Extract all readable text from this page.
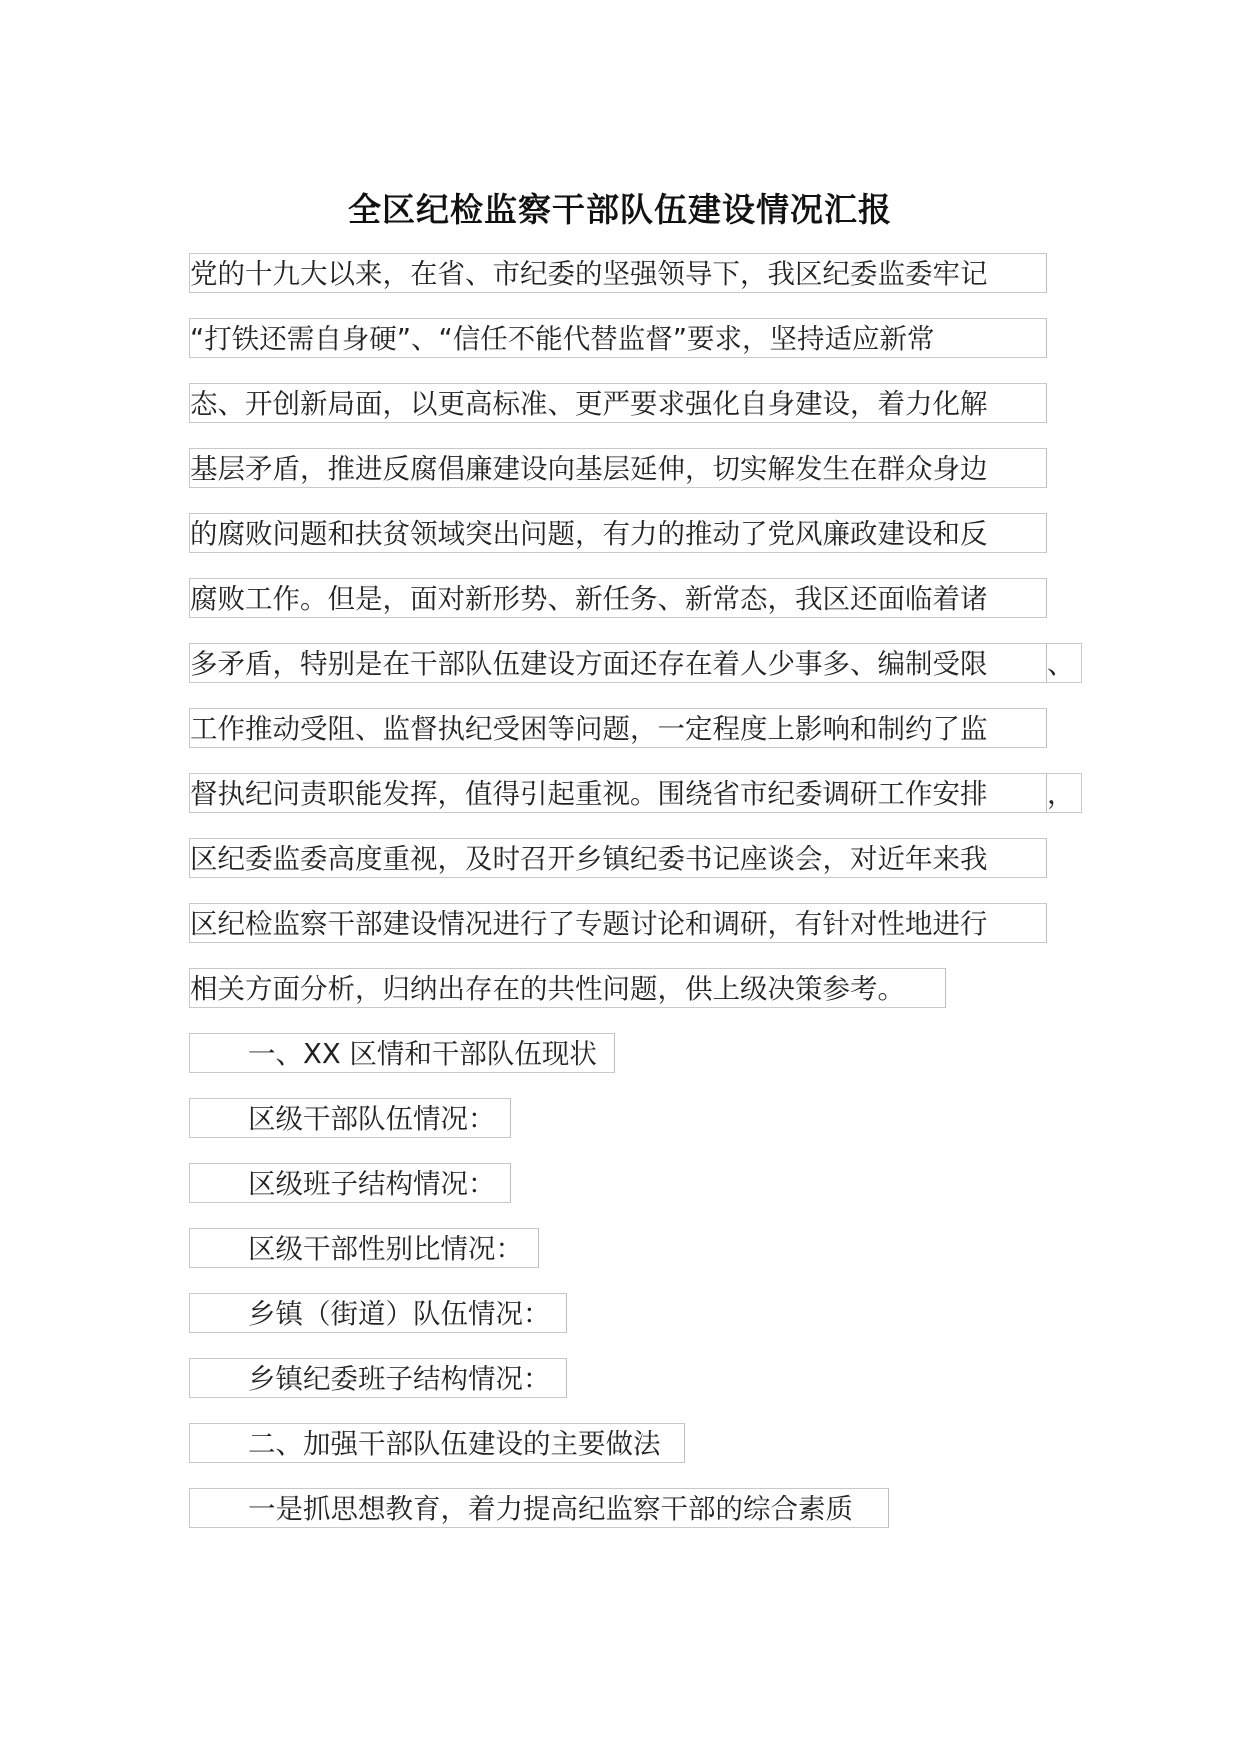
全区纪检监察干部队伍建设情况汇报
党的十九大以来，在省、市纪委的坚强领导下，我区纪委监委牢记
“打铁还需自身硬”、“信任不能代替监督”要求，坚持适应新常
态、开创新局面，以更高标准、更严要求强化自身建设，着力化解
基层矛盾，推进反腐倡廉建设向基层延伸，切实解发生在群众身边
的腐败问题和扶贫领域突出问题，有力的推动了党风廉政建设和反
腐败工作。但是，面对新形势、新任务、新常态，我区还面临着诸
多矛盾，特别是在干部队伍建设方面还存在着人少事多、编制受限	、
工作推动受阻、监督执纪受困等问题，一定程度上影响和制约了监
督执纪问责职能发挥，值得引起重视。围绕省市纪委调研工作安排	，
区纪委监委高度重视，及时召开乡镇纪委书记座谈会，对近年来我
区纪检监察干部建设情况进行了专题讨论和调研，有针对性地进行
相关方面分析，归纳出存在的共性问题，供上级决策参考。
一、XX 区情和干部队伍现状
区级干部队伍情况：
区级班子结构情况：
区级干部性别比情况：
乡镇（街道）队伍情况：
乡镇纪委班子结构情况：
二、加强干部队伍建设的主要做法
一是抓思想教育，着力提高纪监察干部的综合素质
